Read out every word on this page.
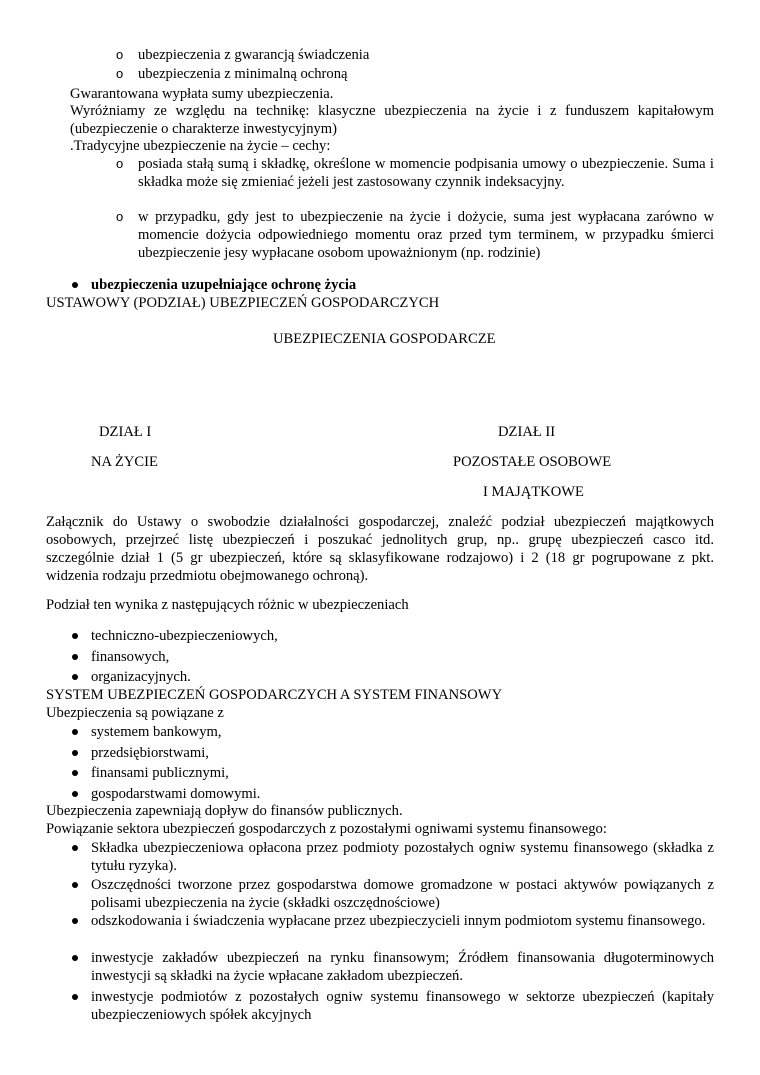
o	ubezpieczenia z gwarancją świadczenia
o	ubezpieczenia z minimalną ochroną
Gwarantowana wypłata sumy ubezpieczenia.
Wyróżniamy ze względu na technikę: klasyczne ubezpieczenia na życie i z funduszem kapitałowym (ubezpieczenie o charakterze inwestycyjnym)
.Tradycyjne ubezpieczenie na życie – cechy:
o	posiada stałą sumą i składkę, określone w momencie podpisania umowy o ubezpieczenie. Suma i składka może się zmieniać jeżeli jest zastosowany czynnik indeksacyjny.
o	w przypadku, gdy jest to ubezpieczenie na życie i dożycie, suma jest wypłacana zarówno w momencie dożycia odpowiedniego momentu oraz przed tym terminem, w przypadku śmierci ubezpieczenie jesy wypłacane osobom upoważnionym (np. rodzinie)
ubezpieczenia uzupełniające ochronę życia
USTAWOWY (PODZIAŁ) UBEZPIECZEŃ GOSPODARCZYCH
UBEZPIECZENIA GOSPODARCZE
DZIAŁ I
NA ŻYCIE
DZIAŁ II
POZOSTAŁE OSOBOWE
I MAJĄTKOWE
Załącznik do Ustawy o swobodzie działalności gospodarczej, znaleźć podział ubezpieczeń majątkowych osobowych, przejrzeć listę ubezpieczeń i poszukać jednolitych grup, np.. grupę ubezpieczeń casco itd. szczególnie dział 1 (5 gr ubezpieczeń, które są sklasyfikowane rodzajowo) i 2 (18 gr pogrupowane z pkt. widzenia rodzaju przedmiotu obejmowanego ochroną).
Podział ten wynika z następujących różnic w ubezpieczeniach
techniczno-ubezpieczeniowych,
finansowych,
organizacyjnych.
SYSTEM UBEZPIECZEŃ GOSPODARCZYCH A SYSTEM FINANSOWY
Ubezpieczenia są powiązane z
systemem bankowym,
przedsiębiorstwami,
finansami publicznymi,
gospodarstwami domowymi.
Ubezpieczenia zapewniają dopływ do finansów publicznych.
Powiązanie sektora ubezpieczeń gospodarczych z pozostałymi ogniwami systemu finansowego:
Składka ubezpieczeniowa opłacona przez podmioty pozostałych ogniw systemu finansowego (składka z tytułu ryzyka).
Oszczędności tworzone przez gospodarstwa domowe gromadzone w postaci aktywów powiązanych z polisami ubezpieczenia na życie (składki oszczędnościowe)
odszkodowania i świadczenia wypłacane przez ubezpieczycieli innym podmiotom systemu finansowego.
inwestycje zakładów ubezpieczeń na rynku finansowym; Źródłem finansowania długoterminowych inwestycji są składki na życie wpłacane zakładom ubezpieczeń.
inwestycje podmiotów z pozostałych ogniw systemu finansowego w sektorze ubezpieczeń (kapitały ubezpieczeniowych spółek akcyjnych
